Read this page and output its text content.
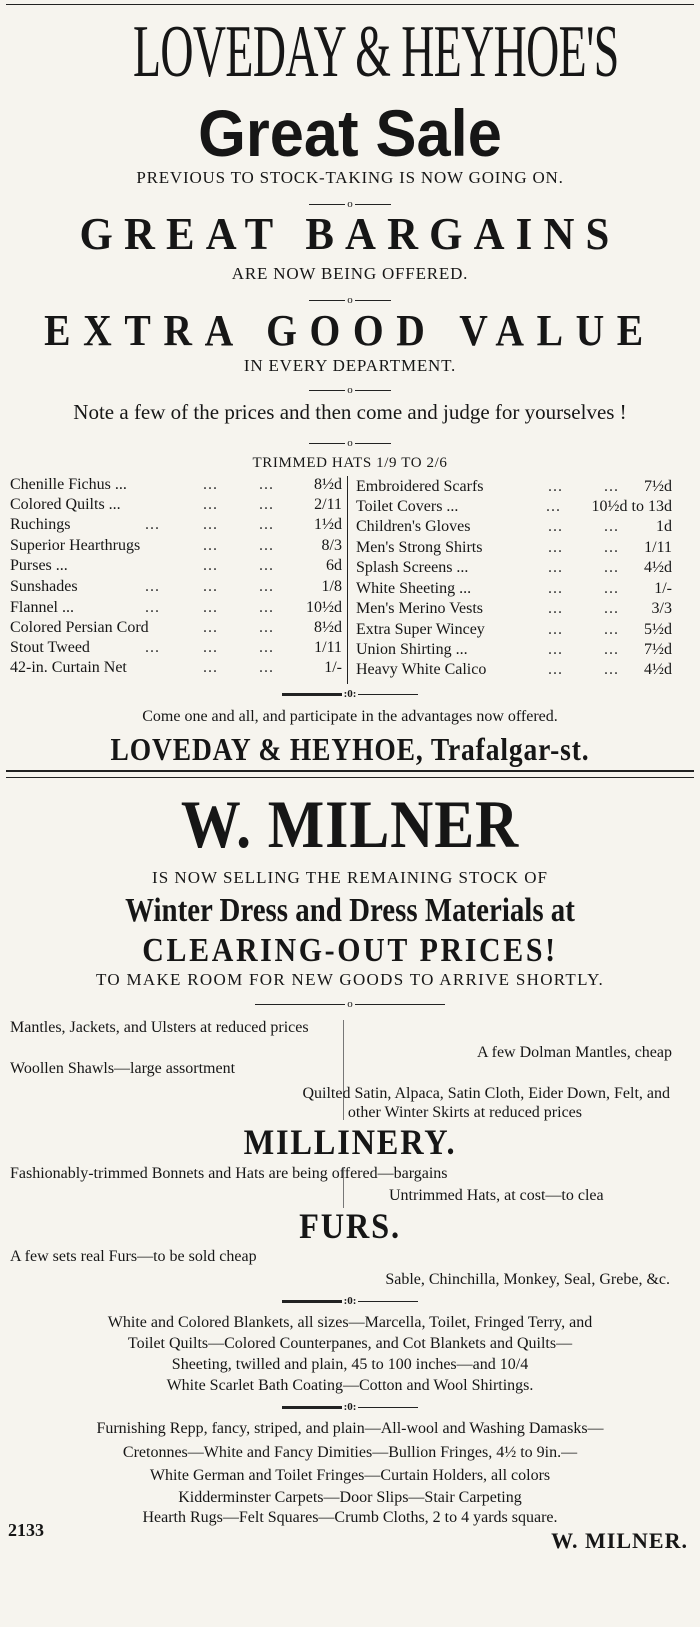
LOVEDAY & HEYHOE'S
Great Sale
PREVIOUS TO STOCK-TAKING IS NOW GOING ON.
o
GREAT BARGAINS
ARE NOW BEING OFFERED.
o
EXTRA GOOD VALUE
IN EVERY DEPARTMENT.
o
Note a few of the prices and then come and judge for yourselves !
o
TRIMMED HATS 1/9 TO 2/6
Chenille Fichus ...	...	...	8½d
Colored Quilts ...	...	...	2/11
Ruchings	...	...	...	1½d
Superior Hearthrugs	...	...	8/3
Purses ...	...	...	6d
Sunshades	...	...	...	1/8
Flannel ...	...	...	... 10½d
Colored Persian Cord	...	...	8½d
Stout Tweed	...	...	...	1/11
42-in. Curtain Net	...	...	1/-
Embroidered Scarfs	...	... 7½d
Toilet Covers ...	... 10½d to 13d
Children's Gloves	...	... 1d
Men's Strong Shirts	...	... 1/11
Splash Screens ...	...	... 4½d
White Sheeting ...	...	... 1/-
Men's Merino Vests	...	... 3/3
Extra Super Wincey	...	... 5½d
Union Shirting ...	...	... 7½d
Heavy White Calico	...	... 4½d
:0:
Come one and all, and participate in the advantages now offered.
LOVEDAY & HEYHOE, Trafalgar-st.
W. MILNER
IS NOW SELLING THE REMAINING STOCK OF
Winter Dress and Dress Materials at
CLEARING-OUT PRICES!
TO MAKE ROOM FOR NEW GOODS TO ARRIVE SHORTLY.
o
Mantles, Jackets, and Ulsters at reduced prices
A few Dolman Mantles, cheap
Woollen Shawls—large assortment
Quilted Satin, Alpaca, Satin Cloth, Eider Down, Felt, and
other Winter Skirts at reduced prices
MILLINERY.
Fashionably-trimmed Bonnets and Hats are being offered—bargains
Untrimmed Hats, at cost—to clea
FURS.
A few sets real Furs—to be sold cheap
Sable, Chinchilla, Monkey, Seal, Grebe, &c.
:0:
White and Colored Blankets, all sizes—Marcella, Toilet, Fringed Terry, and
Toilet Quilts—Colored Counterpanes, and Cot Blankets and Quilts—
Sheeting, twilled and plain, 45 to 100 inches—and 10/4
White Scarlet Bath Coating—Cotton and Wool Shirtings.
:0:
Furnishing Repp, fancy, striped, and plain—All-wool and Washing Damasks—
Cretonnes—White and Fancy Dimities—Bullion Fringes, 4½ to 9in.—
White German and Toilet Fringes—Curtain Holders, all colors
Kidderminster Carpets—Door Slips—Stair Carpeting
Hearth Rugs—Felt Squares—Crumb Cloths, 2 to 4 yards square.
2133	W. MILNER.
